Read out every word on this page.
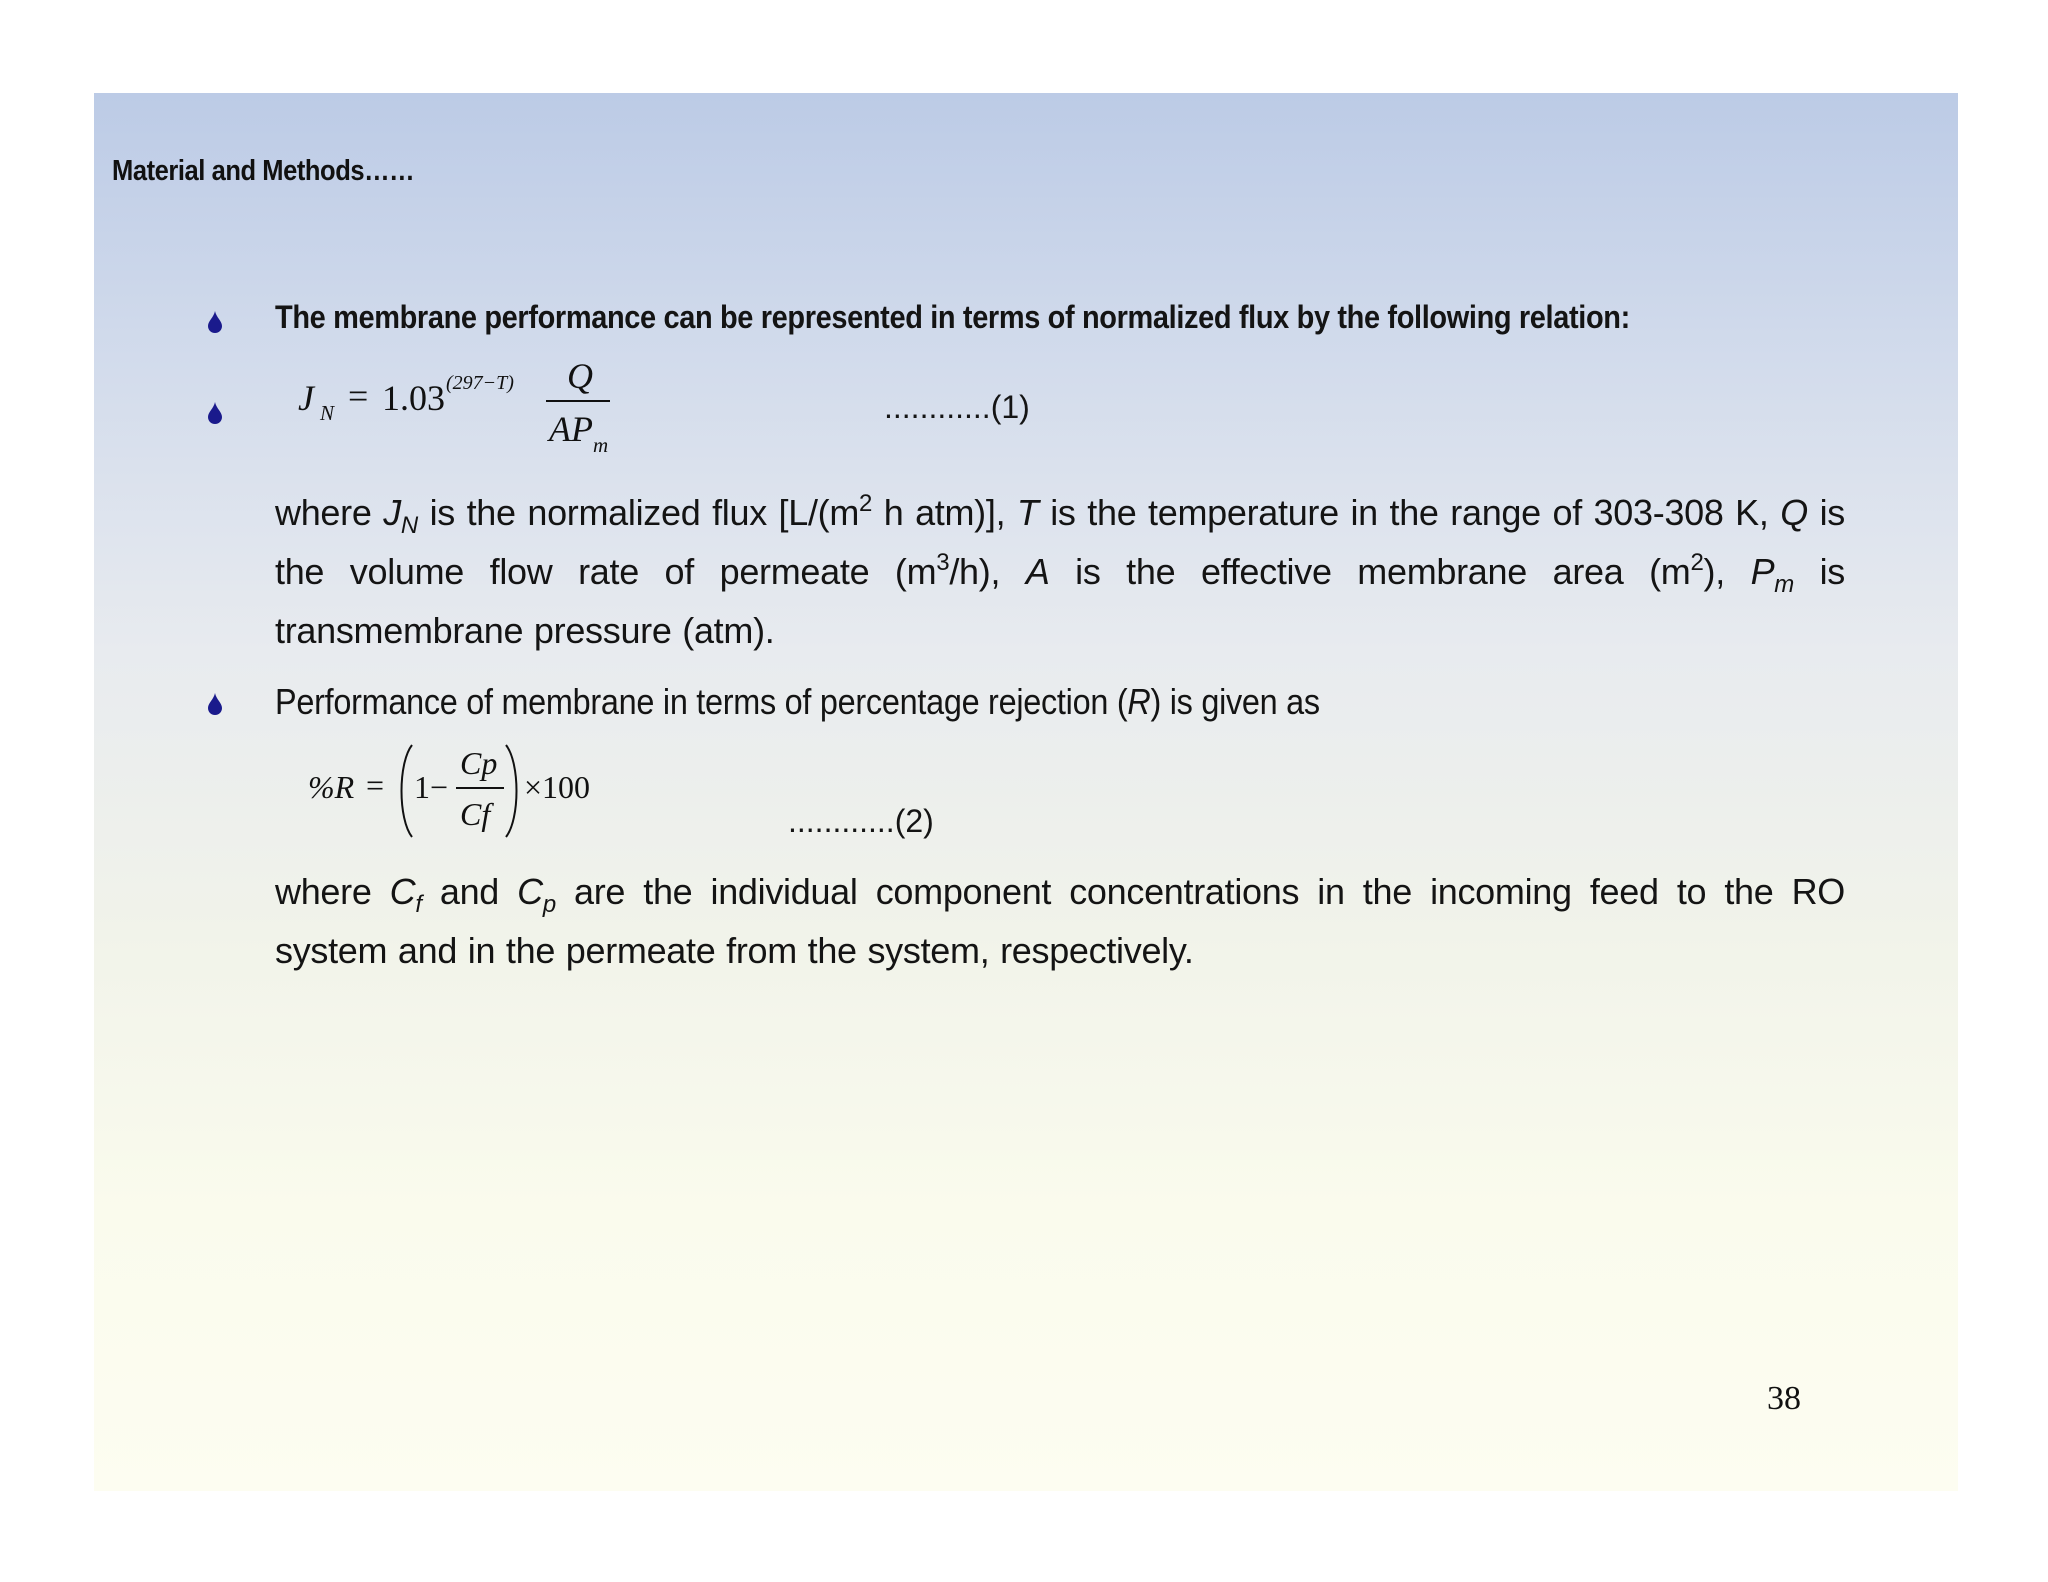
Material and Methods……
The membrane performance can be represented in terms of normalized flux by the following relation:
J N = 1.03 (297−T) Q
AP m
............(1)
where $J_N$ is the normalized flux [$L/(m^2$ h atm)], T is the temperature in the range of 303-308 K, Q is the volume flow rate of permeate $(m^3/h)$, A is the effective membrane area $(m^2)$, $P_m$ is transmembrane pressure (atm).
Performance of membrane in terms of percentage rejection (R) is given as
%R = 1−
Cp
Cf
×100
............(2)
where $C_f$ and $C_p$ are the individual component concentrations in the incoming feed to the RO system and in the permeate from the system, respectively.
38
